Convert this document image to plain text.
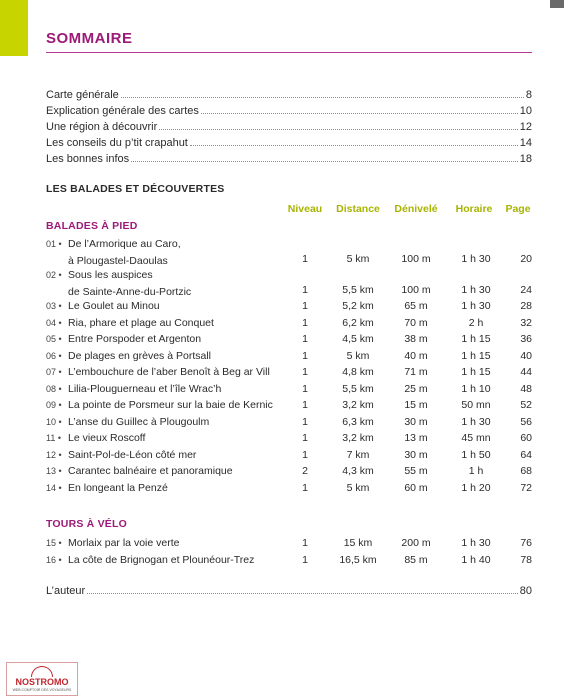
SOMMAIRE
Carte générale	8
Explication générale des cartes	10
Une région à découvrir	12
Les conseils du p’tit crapahut	14
Les bonnes infos	18
LES BALADES ET DÉCOUVERTES
Niveau	Distance	Dénivelé	Horaire	Page
BALADES À PIED
01 • De l’Armorique au Caro,
à Plougastel-Daoulas	1	5 km	100 m	1 h 30	20
02 • Sous les auspices
de Sainte-Anne-du-Portzic	1	5,5 km	100 m	1 h 30	24
03 • Le Goulet au Minou	1	5,2 km	65 m	1 h 30	28
04 • Ria, phare et plage au Conquet	1	6,2 km	70 m	2 h	32
05 • Entre Porspoder et Argenton	1	4,5 km	38 m	1 h 15	36
06 • De plages en grèves à Portsall	1	5 km	40 m	1 h 15	40
07 • L’embouchure de l’aber Benoît à Beg ar Vill	1	4,8 km	71 m	1 h 15	44
08 • Lilia-Plouguerneau et l’île Wrac’h	1	5,5 km	25 m	1 h 10	48
09 • La pointe de Porsmeur sur la baie de Kernic	1	3,2 km	15 m	50 mn	52
10 • L’anse du Guillec à Plougoulm	1	6,3 km	30 m	1 h 30	56
11 • Le vieux Roscoff	1	3,2 km	13 m	45 mn	60
12 • Saint-Pol-de-Léon côté mer	1	7 km	30 m	1 h 50	64
13 • Carantec balnéaire et panoramique	2	4,3 km	55 m	1 h	68
14 • En longeant la Penzé	1	5 km	60 m	1 h 20	72
TOURS À VÉLO
15 • Morlaix par la voie verte	1	15 km	200 m	1 h 30	76
16 • La côte de Brignogan et Plounéour-Trez	1	16,5 km	85 m	1 h 40	78
L’auteur	80
NOSTROMO
WEB COMPTOIR DES VOYAGEURS
